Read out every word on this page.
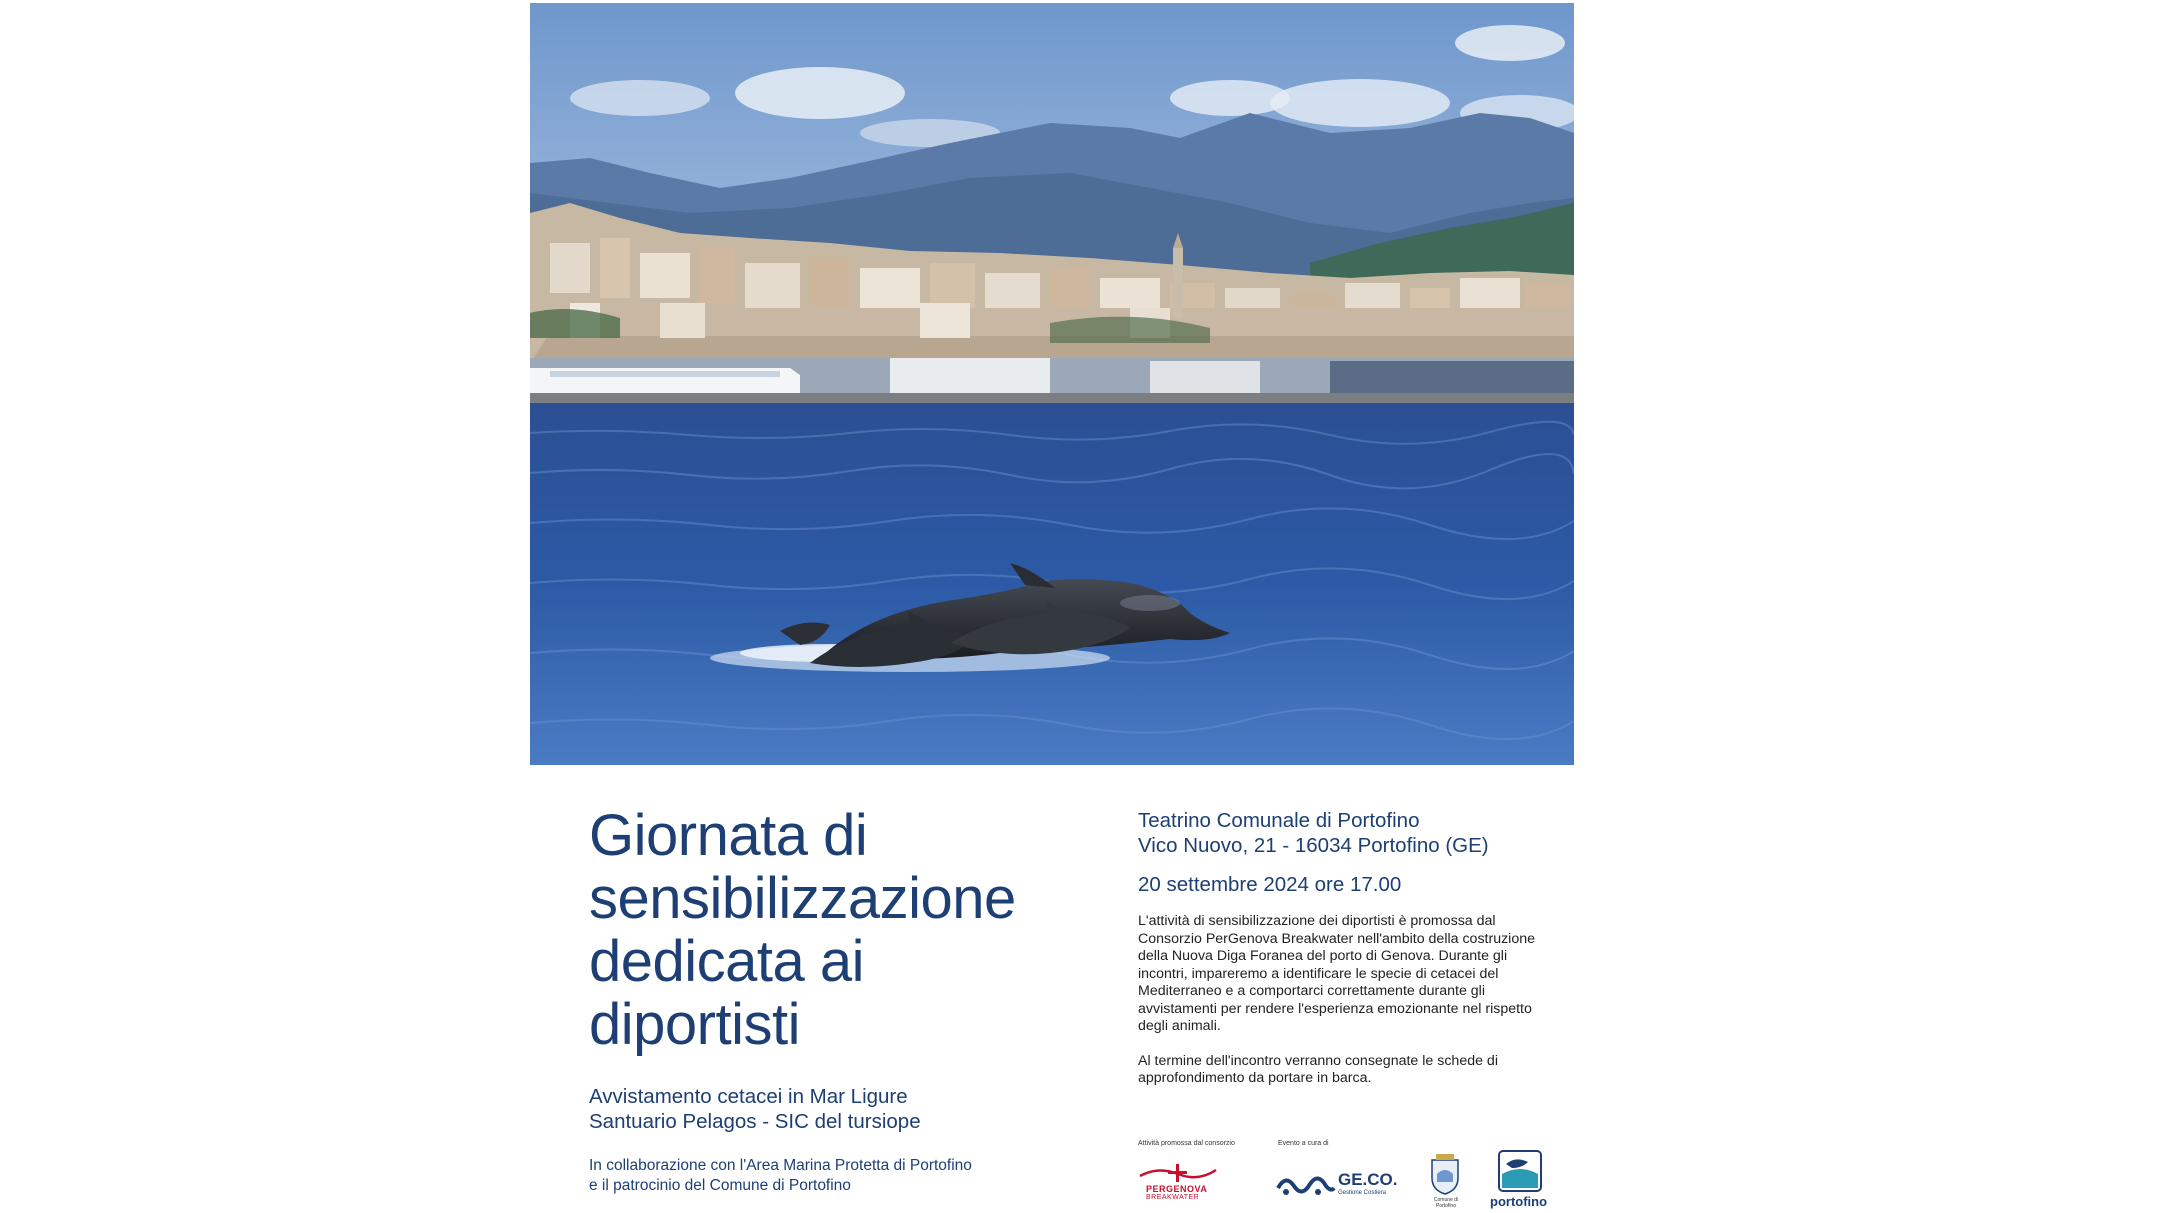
Giornata di
sensibilizzazione
dedicata ai
diportisti
Avvistamento cetacei in Mar Ligure
Santuario Pelagos - SIC del tursiope
In collaborazione con l'Area Marina Protetta di Portofino
e il patrocinio del Comune di Portofino
Teatrino Comunale di Portofino
Vico Nuovo, 21 - 16034 Portofino (GE)
20 settembre 2024 ore 17.00

L'attività di sensibilizzazione dei diportisti è promossa dal Consorzio PerGenova Breakwater nell'ambito della costruzione della Nuova Diga Foranea del porto di Genova. Durante gli incontri, impareremo a identificare le specie di cetacei del Mediterraneo e a comportarci correttamente durante gli avvistamenti per rendere l'esperienza emozionante nel rispetto degli animali.

Al termine dell'incontro verranno consegnate le schede di approfondimento da portare in barca.

Attività promossa dal consorzio	Evento a cura di
PERGENOVA
BREAKWATER
GE.CO.
Gestione Costiera
Comune di Portofino	portofino
